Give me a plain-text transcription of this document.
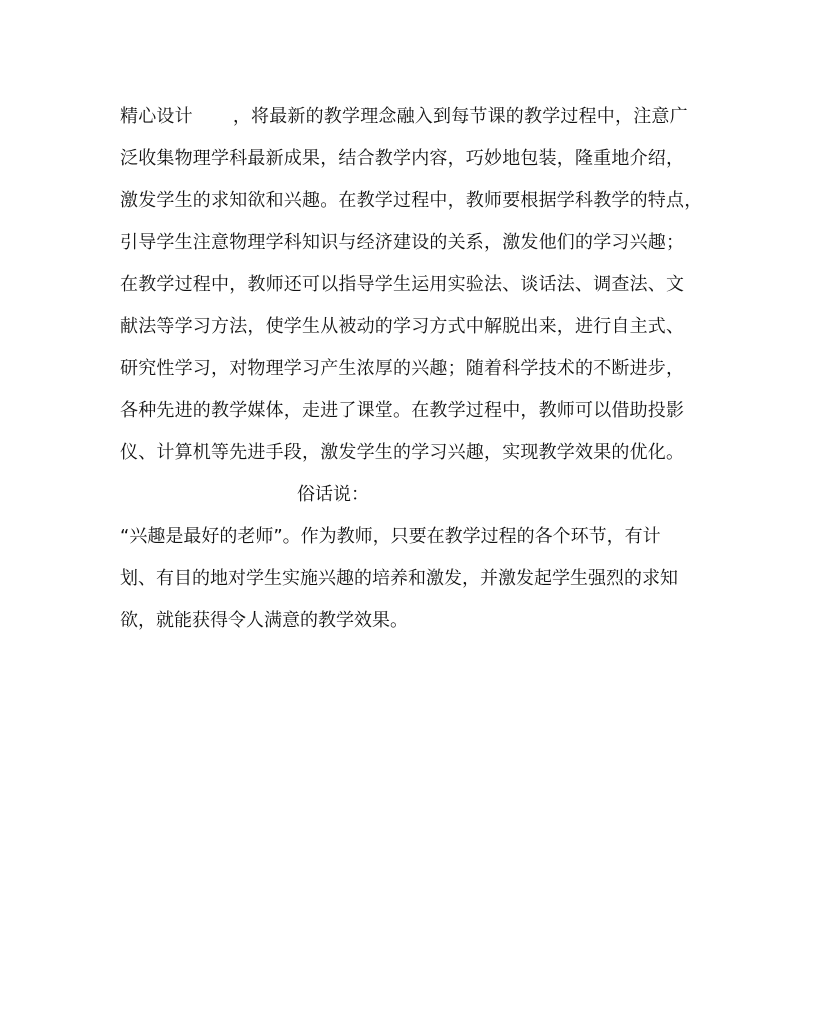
精心设计 ，将最新的教学理念融入到每节课的教学过程中，注意广
泛收集物理学科最新成果，结合教学内容，巧妙地包装，隆重地介绍，
激发学生的求知欲和兴趣。在教学过程中，教师要根据学科教学的特点，
引导学生注意物理学科知识与经济建设的关系，激发他们的学习兴趣；
在教学过程中，教师还可以指导学生运用实验法、谈话法、调查法、文
献法等学习方法，使学生从被动的学习方式中解脱出来，进行自主式、
研究性学习，对物理学习产生浓厚的兴趣；随着科学技术的不断进步，
各种先进的教学媒体，走进了课堂。在教学过程中，教师可以借助投影
仪、计算机等先进手段，激发学生的学习兴趣，实现教学效果的优化。
俗话说：
“兴趣是最好的老师”。作为教师，只要在教学过程的各个环节，有计
划、有目的地对学生实施兴趣的培养和激发，并激发起学生强烈的求知
欲，就能获得令人满意的教学效果。
